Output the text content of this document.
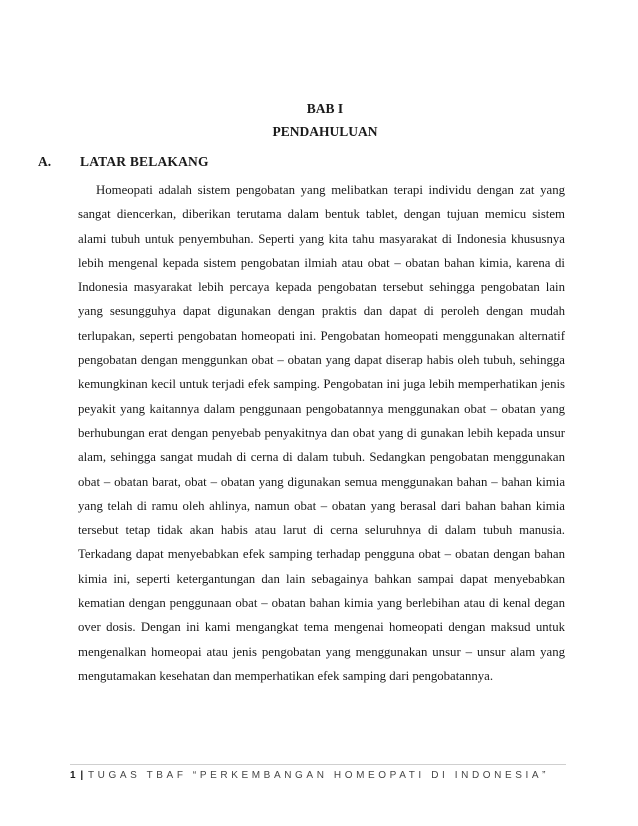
BAB I
PENDAHULUAN
A. LATAR BELAKANG

Homeopati adalah sistem pengobatan yang melibatkan terapi individu dengan zat yang sangat diencerkan, diberikan terutama dalam bentuk tablet, dengan tujuan memicu sistem alami tubuh untuk penyembuhan. Seperti yang kita tahu masyarakat di Indonesia khususnya lebih mengenal kepada sistem pengobatan ilmiah atau obat – obatan bahan kimia, karena di Indonesia masyarakat lebih percaya kepada pengobatan tersebut sehingga pengobatan lain yang sesungguhya dapat digunakan dengan praktis dan dapat di peroleh dengan mudah terlupakan, seperti pengobatan homeopati ini. Pengobatan homeopati menggunakan alternatif pengobatan dengan menggunkan obat – obatan yang dapat diserap habis oleh tubuh, sehingga kemungkinan kecil untuk terjadi efek samping. Pengobatan ini juga lebih memperhatikan jenis peyakit yang kaitannya dalam penggunaan pengobatannya menggunakan obat – obatan yang berhubungan erat dengan penyebab penyakitnya dan obat yang di gunakan lebih kepada unsur alam, sehingga sangat mudah di cerna di dalam tubuh. Sedangkan pengobatan menggunakan obat – obatan barat, obat – obatan yang digunakan semua menggunakan bahan – bahan kimia yang telah di ramu oleh ahlinya, namun obat – obatan yang berasal dari bahan bahan kimia tersebut tetap tidak akan habis atau larut di cerna seluruhnya di dalam tubuh manusia. Terkadang dapat menyebabkan efek samping terhadap pengguna obat – obatan dengan bahan kimia ini, seperti ketergantungan dan lain sebagainya bahkan sampai dapat menyebabkan kematian dengan penggunaan obat – obatan bahan kimia yang berlebihan atau di kenal degan over dosis. Dengan ini kami mengangkat tema mengenai homeopati dengan maksud untuk mengenalkan homeopai atau jenis pengobatan yang menggunakan unsur – unsur alam yang mengutamakan kesehatan dan memperhatikan efek samping dari pengobatannya.

1 | TUGAS TBAF “PERKEMBANGAN HOMEOPATI DI INDONESIA”
